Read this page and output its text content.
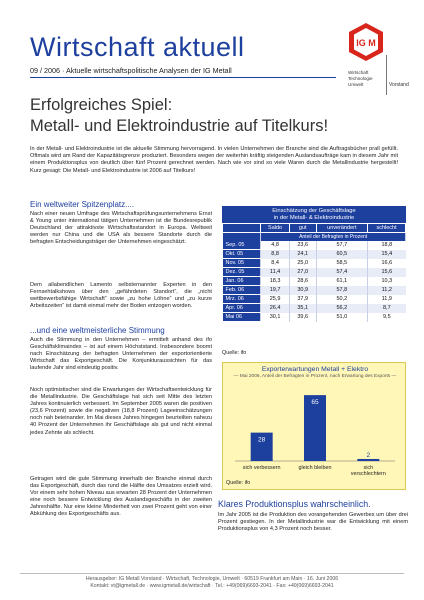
Wirtschaft aktuell
09 / 2006 · Aktuelle wirtschaftspolitische Analysen der IG Metall
IG M
Wirtschaft Technologie Umwelt	Vorstand
Erfolgreiches Spiel:
Metall- und Elektroindustrie auf Titelkurs!
In der Metall- und Elektroindustrie ist die aktuelle Stimmung hervorragend. In vielen Unternehmen der Branche sind die Auftragsbücher prall gefüllt. Oftmals wird am Rand der Kapazitätsgrenze produziert. Besonders wegen der weiterhin kräftig steigenden Auslandsaufträge kam in diesem Jahr mit einem Produktionsplus von deutlich über fünf Prozent gerechnet werden. Nach wie vor sind so viele Waren durch die Metallindustrie hergestellt! Kurz gesagt: Die Metall- und Elektroindustrie ist 2006 auf Titelkurs!
Ein weltweiter Spitzenplatz....
Nach einer neuen Umfrage des Wirtschaftsprüfungsunternehmens Ernst & Young unter international tätigen Unternehmen ist die Bundesrepublik Deutschland der attraktivste Wirtschaftsstandort in Europa. Weltweit werden nur China und die USA als bessere Standorte durch die befragten Entscheidungsträger der Unternehmen eingeschätzt.
Dem allabendlichen Lamento selbsternannter Experten in den Fernsehtalkshows über den „gefährdeten Standort“, die „nicht wettbewerbsfähige Wirtschaft“ sowie „zu hohe Löhne“ und „zu kurze Arbeitszeiten“ ist damit einmal mehr der Boden entzogen worden.
...und eine weltmeisterliche Stimmung
Auch die Stimmung in den Unternehmen – ermittelt anhand des ifo Geschäftsklimaindex – ist auf einem Höchststand. Insbesondere boomt nach Einschätzung der befragten Unternehmen der exportorientierte Wirtschaft das Exportgeschäft. Die Konjunkturaussichten für das laufende Jahr sind eindeutig positiv.
Noch optimistischer sind die Erwartungen der Wirtschaftsentwicklung für die Metallindustrie. Die Geschäftslage hat sich seit Mitte des letzten Jahres kontinuierlich verbessert. Im September 2005 waren die positiven (23,6 Prozent) sowie die negativen (18,8 Prozent) Lageeinschätzungen noch nah beieinander. Im Mai dieses Jahres hingegen beurteilten nahezu 40 Prozent der Unternehmen ihr Geschäftslage als gut und nicht einmal jedes Zehnte als schlecht.
Getragen wird die gute Stimmung innerhalb der Branche einmal durch das Exportgeschäft, durch das rund die Hälfte des Umsatzes erzielt wird. Vor einem sehr hohen Niveau aus erwarten 28 Prozent der Unternehmen eine noch bessere Entwicklung des Auslandsgeschäfts in der zweiten Jahreshälfte. Nur eine kleine Minderheit von zwei Prozent geht von einer Abkühlung des Exportgeschäfts aus.
Einschätzung der Geschäftslage
in der Metall- & Elektroindustrie
	Saldo	gut	unverändert	schlecht
	Anteil der Befragten in Prozent			
Sep. 05	4,8	23,6	57,7	18,8
Okt. 05	8,8	24,1	60,5	15,4
Nov. 05	8,4	25,0	58,5	16,6
Dez. 05	11,4	27,0	57,4	15,6
Jan. 06	18,3	28,6	61,1	10,3
Feb. 06	19,7	30,9	57,8	11,2
Mrz. 06	25,9	37,9	50,2	11,9
Apr. 06	26,4	35,1	56,2	8,7
Mai 06	30,1	39,6	51,0	9,5
Quelle: ifo
Exporterwartungen Metall + Elektro
— Mai 2006, Anteil der Befragten in Prozent, nach Erwartung des Exports —
28
sich verbessern
65
gleich bleiben
2
sich verschlechtern
Quelle: ifo
Klares Produktionsplus wahrscheinlich.
Im Jahr 2005 ist die Produktion des vorangehenden Gewerbes um über drei Prozent gestiegen. In der Metallindustrie war die Entwicklung mit einem Produktionsplus von 4,3 Prozent noch besser.
Herausgeber: IG Metall Vorstand · Wirtschaft, Technologie, Umwelt · 60519 Frankfurt am Main · 16. Juni 2006
Kontakt: vt@igmetall.de · www.igmetall.de/wirtschaft · Tel.: +49(069)6693-2041 · Fax: +49(069)6693-2041
